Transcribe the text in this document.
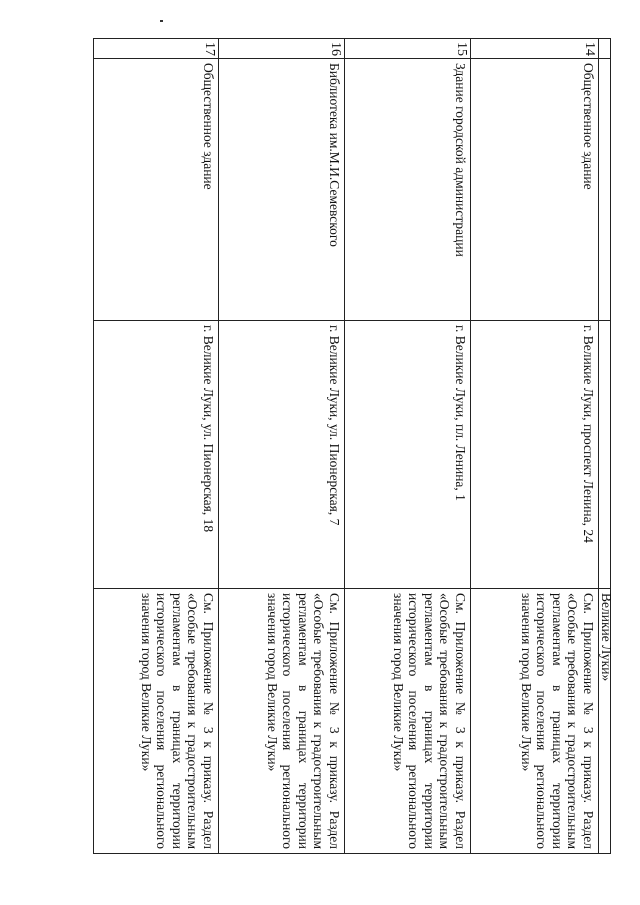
			Великие Луки»

14	Общественное здание	г. Великие Луки, проспект Ленина, 24	См. Приложение № 3 к приказу. Раздел «Особые требования к градостроительным регламентам в границах территории исторического поселения регионального значения город Великие Луки»

15	Здание городской администрации	г. Великие Луки, пл. Ленина, 1	См. Приложение № 3 к приказу. Раздел «Особые требования к градостроительным регламентам в границах территории исторического поселения регионального значения город Великие Луки»

16	Библиотека им.М.И.Семевского	г. Великие Луки, ул. Пионерская, 7	См. Приложение № 3 к приказу. Раздел «Особые требования к градостроительным регламентам в границах территории исторического поселения регионального значения город Великие Луки»

17	Общественное здание	г. Великие Луки, ул. Пионерская, 18	См. Приложение № 3 к приказу. Раздел «Особые требования к градостроительным регламентам в границах территории исторического поселения регионального значения город Великие Луки»
